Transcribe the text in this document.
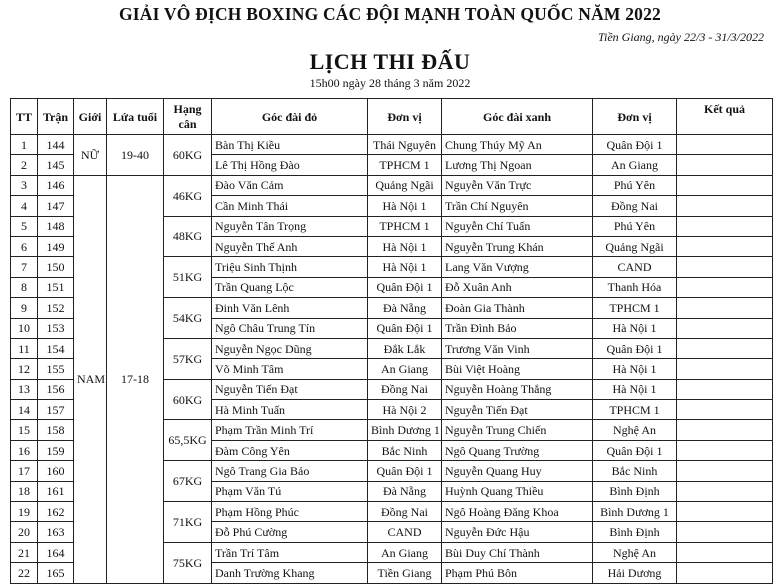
GIẢI VÔ ĐỊCH BOXING CÁC ĐỘI MẠNH TOÀN QUỐC NĂM 2022
Tiền Giang, ngày 22/3 - 31/3/2022
LỊCH THI ĐẤU
15h00 ngày 28 tháng 3 năm 2022
TT	Trận	Giới	Lứa tuổi	Hạng cân	Góc đài đỏ	Đơn vị	Góc đài xanh	Đơn vị	Kết quả
1	144	NỮ	19-40	60KG	Bàn Thị Kiều	Thái Nguyên	Chung Thúy Mỹ An	Quân Đội 1	
2	145				Lê Thị Hồng Đào	TPHCM 1	Lương Thị Ngoan	An Giang	
3	146	NAM	17-18	46KG	Đào Văn Cảm	Quảng Ngãi	Nguyễn Văn Trực	Phú Yên	
4	147				Cần Minh Thái	Hà Nội 1	Trần Chí Nguyên	Đồng Nai	
5	148			48KG	Nguyễn Tân Trọng	TPHCM 1	Nguyễn Chí Tuấn	Phú Yên	
6	149				Nguyễn Thế Anh	Hà Nội 1	Nguyễn Trung Khán	Quảng Ngãi	
7	150			51KG	Triệu Sinh Thịnh	Hà Nội 1	Lang Văn Vượng	CAND	
8	151				Trần Quang Lộc	Quân Đội 1	Đỗ Xuân Anh	Thanh Hóa	
9	152			54KG	Đinh Văn Lênh	Đà Nẵng	Đoàn Gia Thành	TPHCM 1	
10	153				Ngô Châu Trung Tín	Quân Đội 1	Trần Đình Bảo	Hà Nội 1	
11	154			57KG	Nguyễn Ngọc Dũng	Đắk Lắk	Trương Văn Vinh	Quân Đội 1	
12	155				Võ Minh Tâm	An Giang	Bùi Việt Hoàng	Hà Nội 1	
13	156			60KG	Nguyễn Tiến Đạt	Đồng Nai	Nguyễn Hoàng Thắng	Hà Nội 1	
14	157				Hà Minh Tuấn	Hà Nội 2	Nguyễn Tiến Đạt	TPHCM 1	
15	158			65,5KG	Phạm Trần Minh Trí	Bình Dương 1	Nguyễn Trung Chiến	Nghệ An	
16	159				Đàm Công Yên	Bắc Ninh	Ngô Quang Trường	Quân Đội 1	
17	160			67KG	Ngô Trang Gia Bảo	Quân Đội 1	Nguyễn Quang Huy	Bắc Ninh	
18	161				Phạm Văn Tú	Đà Nẵng	Huỳnh Quang Thiều	Bình Định	
19	162			71KG	Phạm Hồng Phúc	Đồng Nai	Ngô Hoàng Đăng Khoa	Bình Dương 1	
20	163				Đỗ Phú Cường	CAND	Nguyễn Đức Hậu	Bình Định	
21	164			75KG	Trần Trí Tâm	An Giang	Bùi Duy Chí Thành	Nghệ An	
22	165				Danh Trường Khang	Tiền Giang	Phạm Phú Bôn	Hải Dương	
